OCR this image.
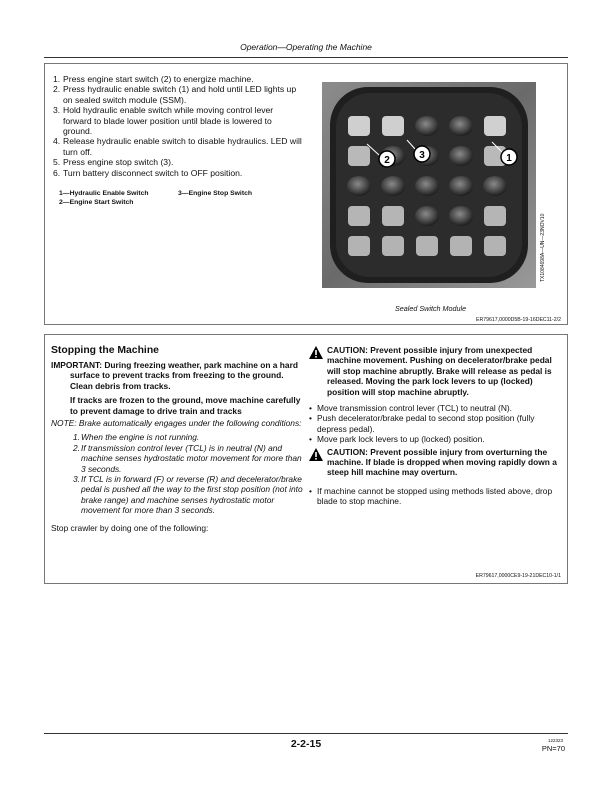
Operation—Operating the Machine
1. Press engine start switch (2) to energize machine.
2. Press hydraulic enable switch (1) and hold until LED lights up on sealed switch module (SSM).
3. Hold hydraulic enable switch while moving control lever forward to blade lower position until blade is lowered to ground.
4. Release hydraulic enable switch to disable hydraulics. LED will turn off.
5. Press engine stop switch (3).
6. Turn battery disconnect switch to OFF position.
1—Hydraulic Enable Switch	3—Engine Stop Switch
2—Engine Start Switch
2	3	1
TX1084698A—UN—23NOV10
Sealed Switch Module
ER79617,0000D5B-19-16DEC11-2/2
Stopping the Machine

IMPORTANT: During freezing weather, park machine on a hard surface to prevent tracks from freezing to the ground. Clean debris from tracks.

If tracks are frozen to the ground, move machine carefully to prevent damage to drive train and tracks

NOTE: Brake automatically engages under the following conditions:

1. When the engine is not running.
2. If transmission control lever (TCL) is in neutral (N) and machine senses hydrostatic motor movement for more than 3 seconds.
3. If TCL is in forward (F) or reverse (R) and decelerator/brake pedal is pushed all the way to the first stop position (not into brake range) and machine senses hydrostatic motor movement for more than 3 seconds.

Stop crawler by doing one of the following:

CAUTION: Prevent possible injury from unexpected machine movement. Pushing on decelerator/brake pedal will stop machine abruptly. Brake will release as pedal is released. Moving the park lock levers to up (locked) position will stop machine abruptly.
• Move transmission control lever (TCL) to neutral (N).
• Push decelerator/brake pedal to second stop position (fully depress pedal).
• Move park lock levers to up (locked) position.
CAUTION: Prevent possible injury from overturning the machine. If blade is dropped when moving rapidly down a steep hill machine may overturn.
• If machine cannot be stopped using methods listed above, drop blade to stop machine.
ER79617,0000CE9-19-21DEC10-1/1
2-2-15	122323
PN=70
